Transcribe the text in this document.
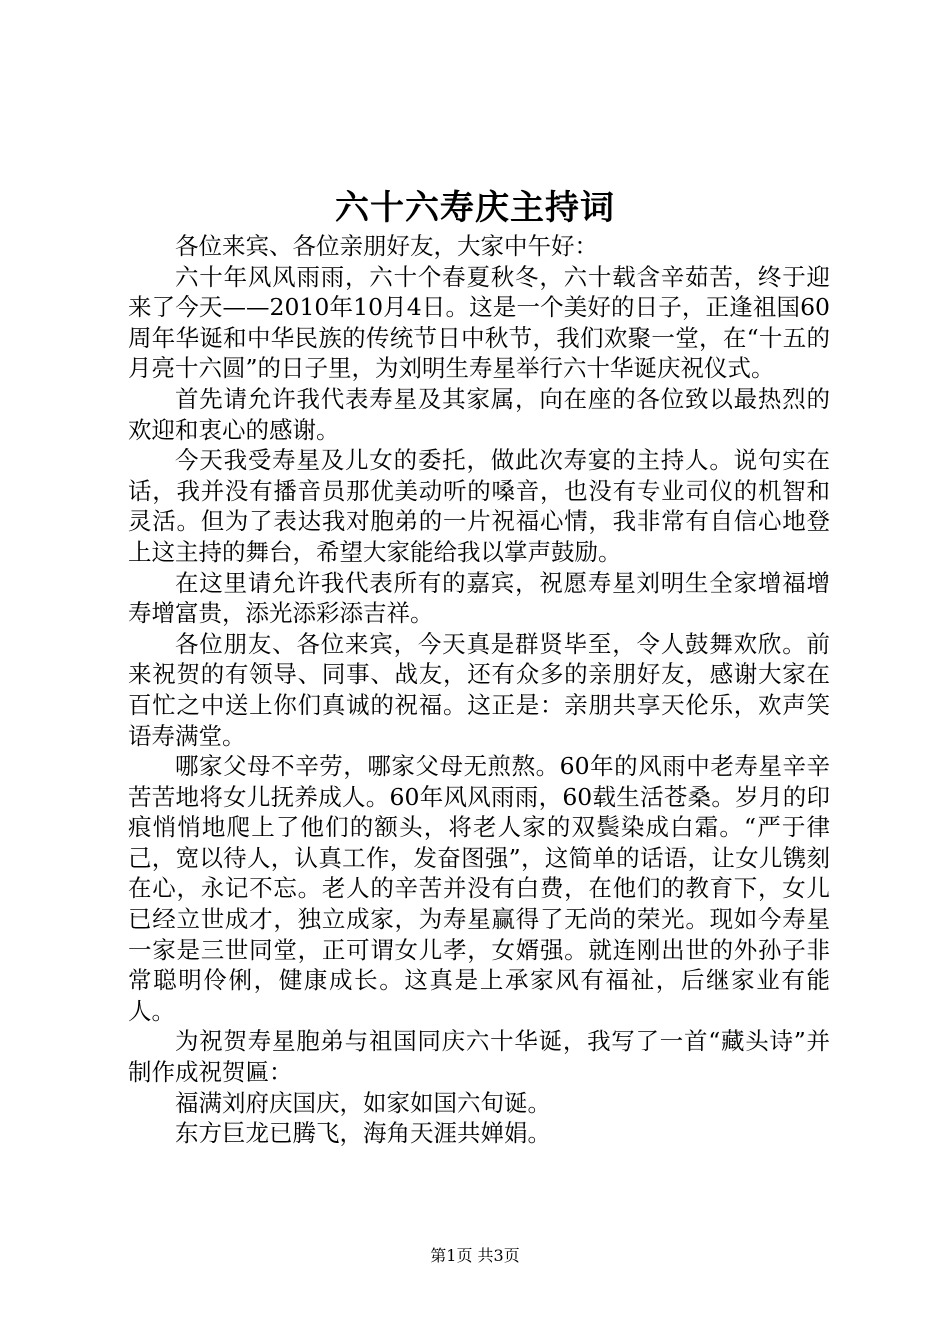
六十六寿庆主持词

各位来宾、各位亲朋好友，大家中午好：

六十年风风雨雨，六十个春夏秋冬，六十载含辛茹苦，终于迎来了今天——2010年10月4日。这是一个美好的日子，正逢祖国60周年华诞和中华民族的传统节日中秋节，我们欢聚一堂，在“十五的月亮十六圆”的日子里，为刘明生寿星举行六十华诞庆祝仪式。

首先请允许我代表寿星及其家属，向在座的各位致以最热烈的欢迎和衷心的感谢。

今天我受寿星及儿女的委托，做此次寿宴的主持人。说句实在话，我并没有播音员那优美动听的嗓音，也没有专业司仪的机智和灵活。但为了表达我对胞弟的一片祝福心情，我非常有自信心地登上这主持的舞台，希望大家能给我以掌声鼓励。

在这里请允许我代表所有的嘉宾，祝愿寿星刘明生全家增福增寿增富贵，添光添彩添吉祥。

各位朋友、各位来宾，今天真是群贤毕至，令人鼓舞欢欣。前来祝贺的有领导、同事、战友，还有众多的亲朋好友，感谢大家在百忙之中送上你们真诚的祝福。这正是：亲朋共享天伦乐，欢声笑语寿满堂。

哪家父母不辛劳，哪家父母无煎熬。60年的风雨中老寿星辛辛苦苦地将女儿抚养成人。60年风风雨雨，60载生活苍桑。岁月的印痕悄悄地爬上了他们的额头，将老人家的双鬓染成白霜。“严于律己，宽以待人，认真工作，发奋图强”，这简单的话语，让女儿镌刻在心，永记不忘。老人的辛苦并没有白费，在他们的教育下，女儿已经立世成才，独立成家，为寿星赢得了无尚的荣光。现如今寿星一家是三世同堂，正可谓女儿孝，女婿强。就连刚出世的外孙子非常聪明伶俐，健康成长。这真是上承家风有福祉，后继家业有能人。

为祝贺寿星胞弟与祖国同庆六十华诞，我写了一首“藏头诗”并制作成祝贺匾：

福满刘府庆国庆，如家如国六旬诞。

东方巨龙已腾飞，海角天涯共婵娟。

第1页 共3页
